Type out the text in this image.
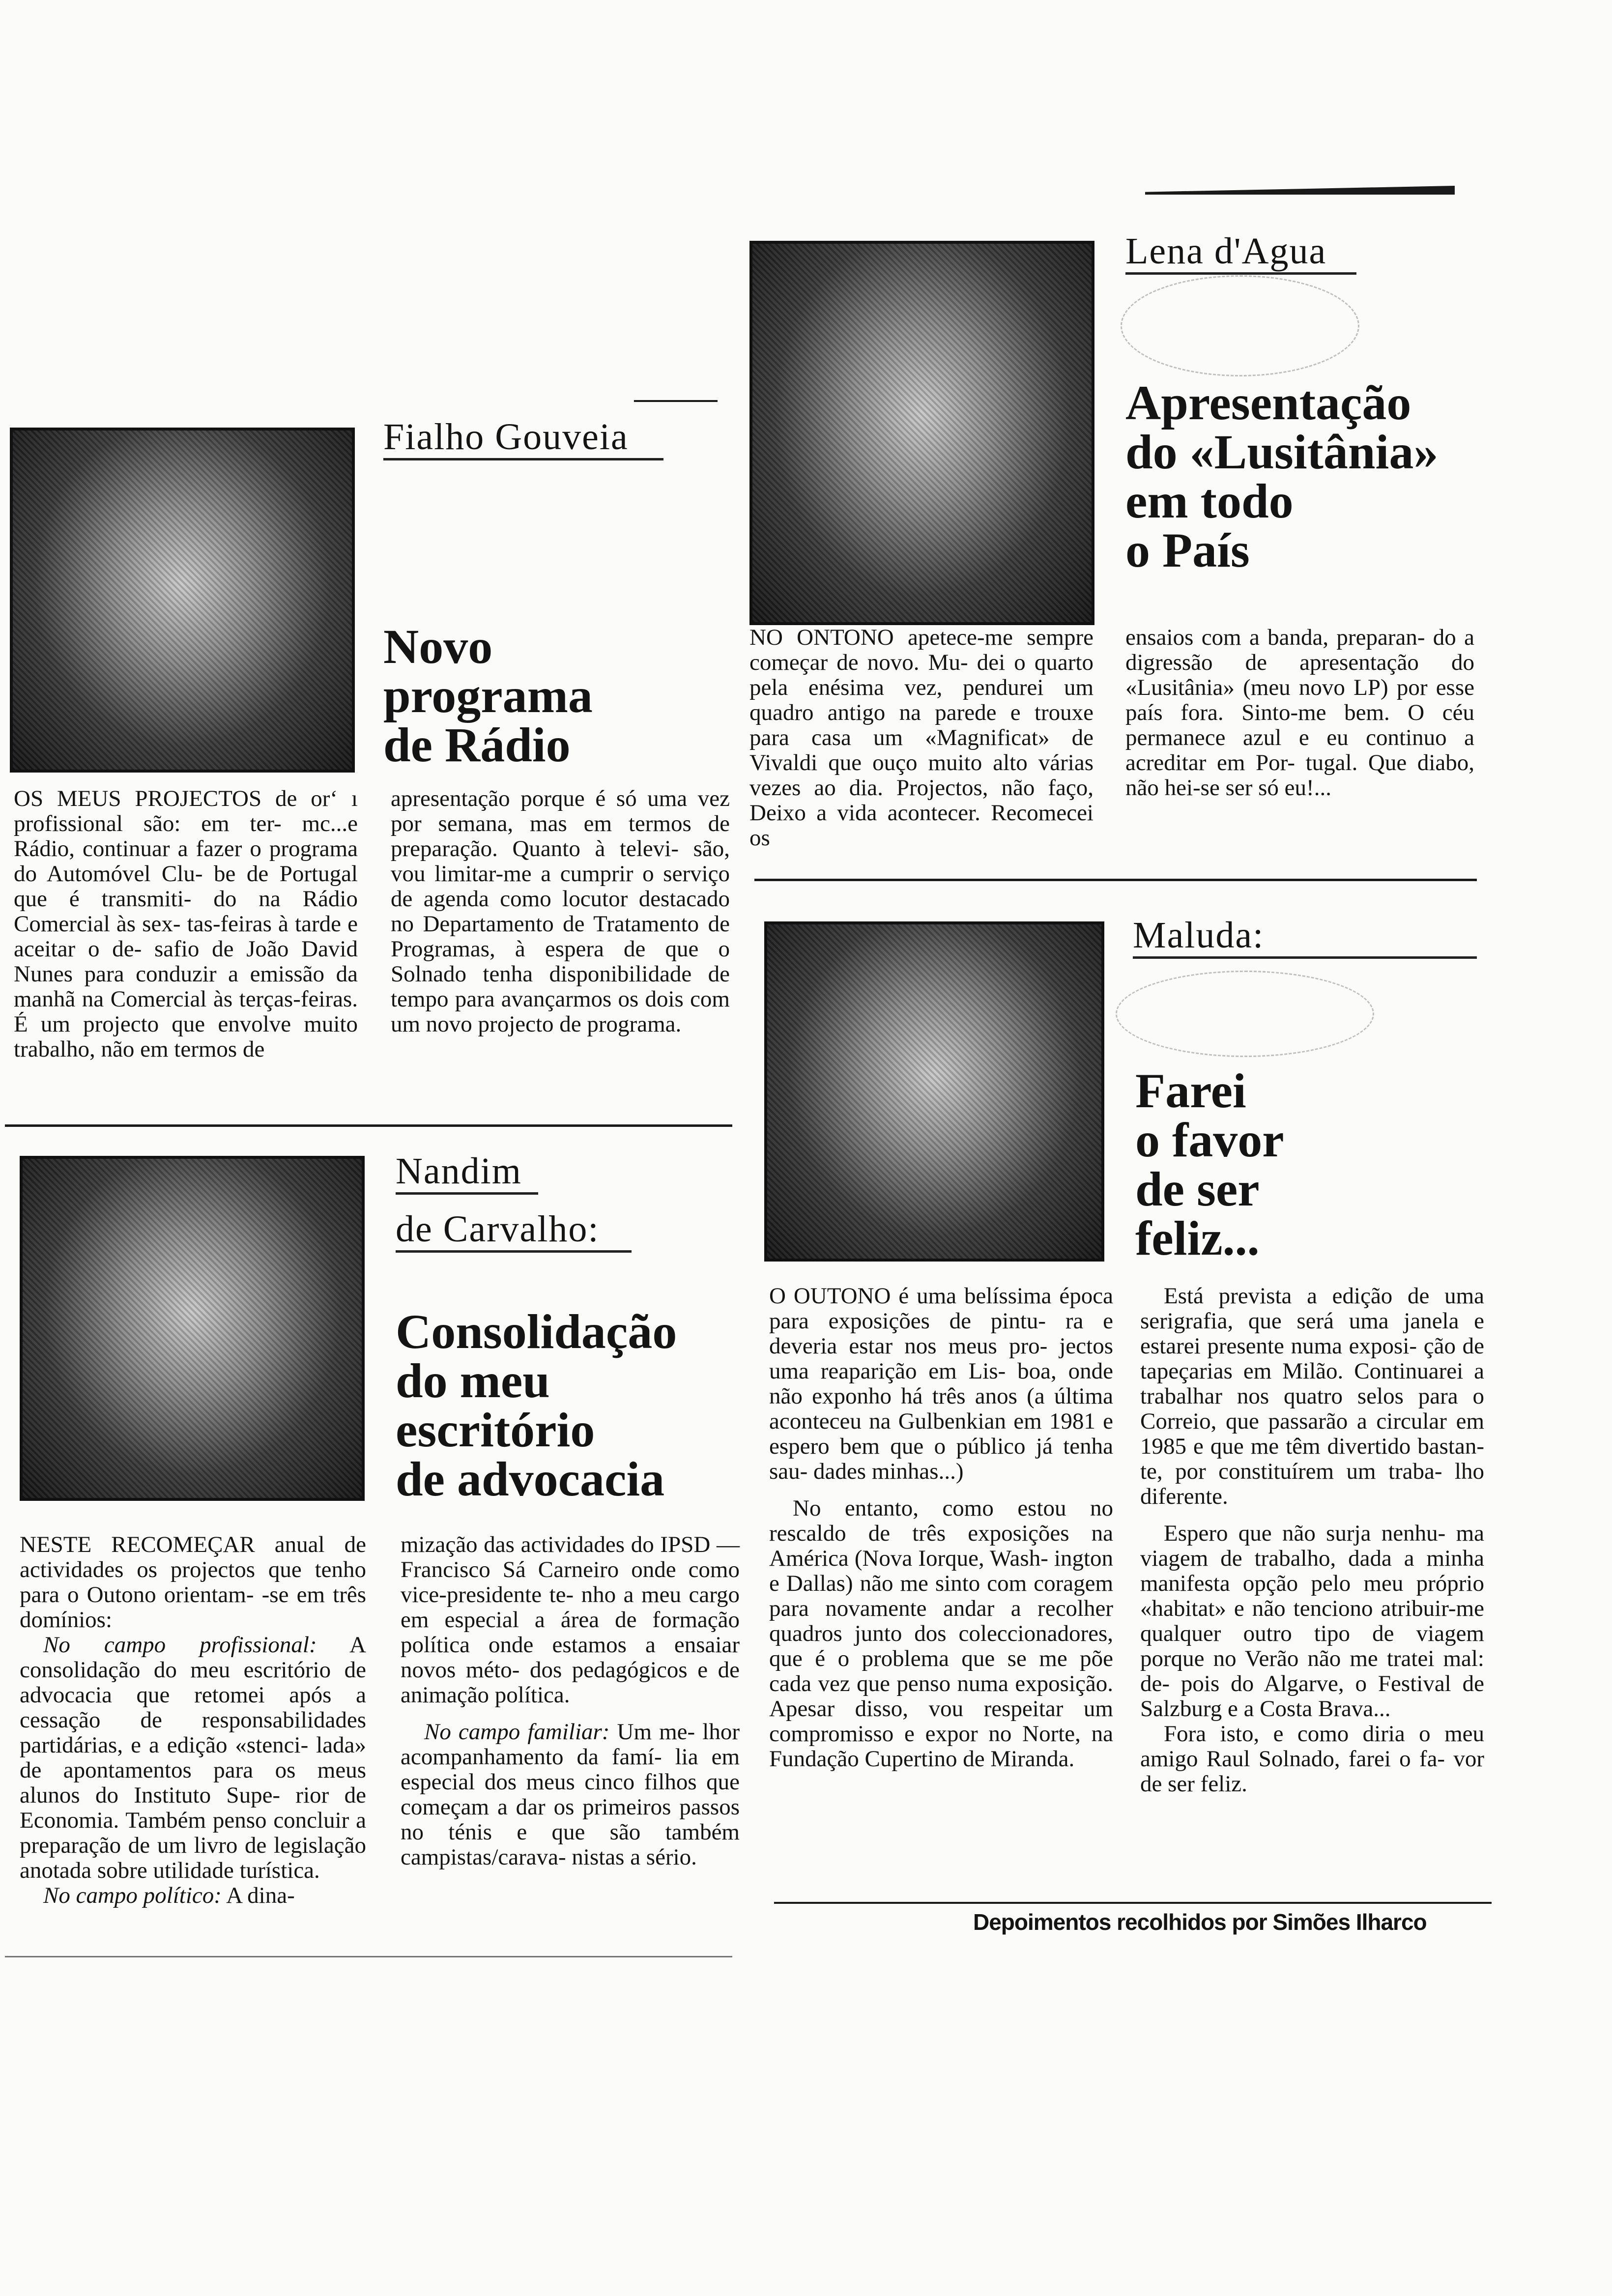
Fialho Gouveia
Novo
programa
de Rádio

OS MEUS PROJECTOS de orʻ ı profissional são: em ter- mc...e Rádio, continuar a fazer o programa do Automóvel Clu- be de Portugal que é transmiti- do na Rádio Comercial às sex- tas-feiras à tarde e aceitar o de- safio de João David Nunes para conduzir a emissão da manhã na Comercial às terças-feiras. É um projecto que envolve muito trabalho, não em termos de

apresentação porque é só uma vez por semana, mas em termos de preparação. Quanto à televi- são, vou limitar-me a cumprir o serviço de agenda como locutor destacado no Departamento de Tratamento de Programas, à espera de que o Solnado tenha disponibilidade de tempo para avançarmos os dois com um novo projecto de programa.

Nandim
de Carvalho:
Consolidação
do meu
escritório
de advocacia

NESTE RECOMEÇAR anual de actividades os projectos que tenho para o Outono orientam- -se em três domínios:

No campo profissional: A consolidação do meu escritório de advocacia que retomei após a cessação de responsabilidades partidárias, e a edição «stenci- lada» de apontamentos para os meus alunos do Instituto Supe- rior de Economia. Também penso concluir a preparação de um livro de legislação anotada sobre utilidade turística.

No campo político: A dina-

mização das actividades do IPSD — Francisco Sá Carneiro onde como vice-presidente te- nho a meu cargo em especial a área de formação política onde estamos a ensaiar novos méto- dos pedagógicos e de animação política.

No campo familiar: Um me- lhor acompanhamento da famí- lia em especial dos meus cinco filhos que começam a dar os primeiros passos no ténis e que são também campistas/carava- nistas a sério.

Lena d'Agua
Apresentação
do «Lusitânia»
em todo
o País

NO ONTONO apetece-me sempre começar de novo. Mu- dei o quarto pela enésima vez, pendurei um quadro antigo na parede e trouxe para casa um «Magnificat» de Vivaldi que ouço muito alto várias vezes ao dia. Projectos, não faço, Deixo a vida acontecer. Recomecei os

ensaios com a banda, preparan- do a digressão de apresentação do «Lusitânia» (meu novo LP) por esse país fora. Sinto-me bem. O céu permanece azul e eu continuo a acreditar em Por- tugal. Que diabo, não hei-se ser só eu!...

Maluda:
Farei
o favor
de ser
feliz...

O OUTONO é uma belíssima época para exposições de pintu- ra e deveria estar nos meus pro- jectos uma reaparição em Lis- boa, onde não exponho há três anos (a última aconteceu na Gulbenkian em 1981 e espero bem que o público já tenha sau- dades minhas...)

No entanto, como estou no rescaldo de três exposições na América (Nova Iorque, Wash- ington e Dallas) não me sinto com coragem para novamente andar a recolher quadros junto dos coleccionadores, que é o problema que se me põe cada vez que penso numa exposição. Apesar disso, vou respeitar um compromisso e expor no Norte, na Fundação Cupertino de Miranda.

Está prevista a edição de uma serigrafia, que será uma janela e estarei presente numa exposi- ção de tapeçarias em Milão. Continuarei a trabalhar nos quatro selos para o Correio, que passarão a circular em 1985 e que me têm divertido bastan- te, por constituírem um traba- lho diferente.

Espero que não surja nenhu- ma viagem de trabalho, dada a minha manifesta opção pelo meu próprio «habitat» e não tenciono atribuir-me qualquer outro tipo de viagem porque no Verão não me tratei mal: de- pois do Algarve, o Festival de Salzburg e a Costa Brava...

Fora isto, e como diria o meu amigo Raul Solnado, farei o fa- vor de ser feliz.

Depoimentos recolhidos por Simões Ilharco
